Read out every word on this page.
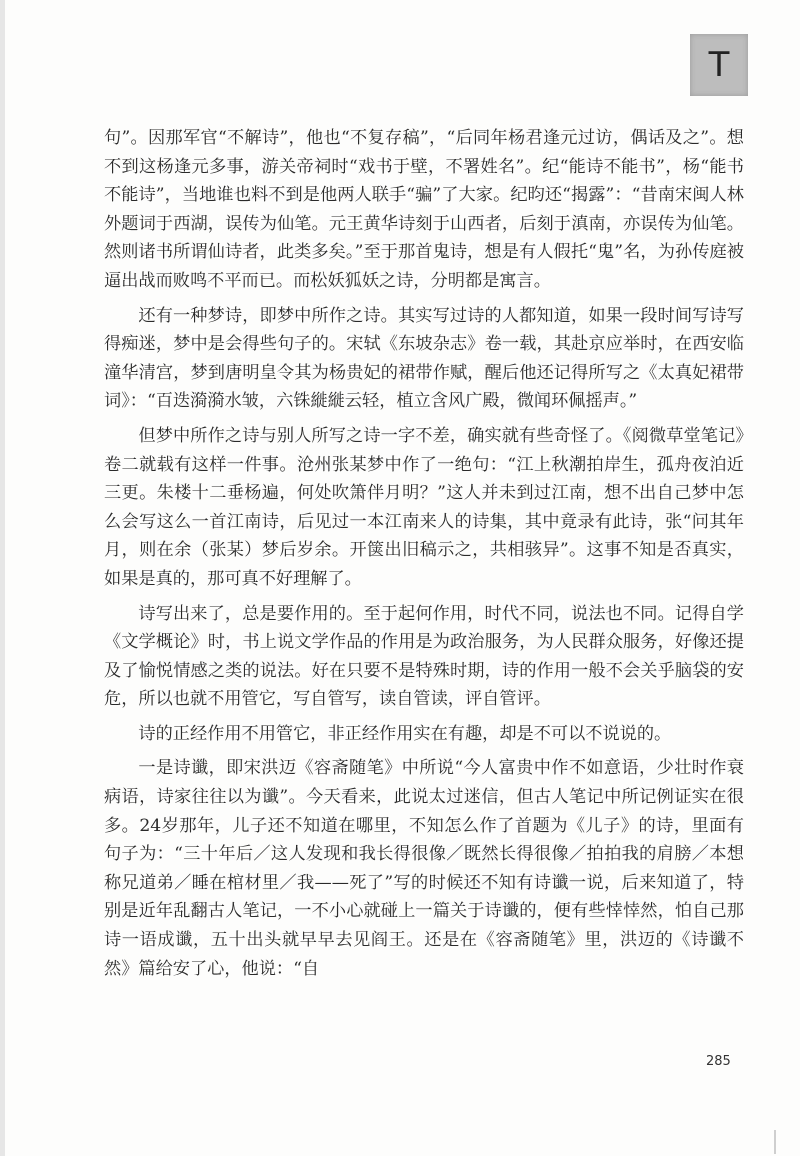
T

句”。因那军官“不解诗”，他也“不复存稿”，“后同年杨君逢元过访，偶话及之”。想不到这杨逢元多事，游关帝祠时“戏书于壁，不署姓名”。纪“能诗不能书”，杨“能书不能诗”，当地谁也料不到是他两人联手“骗”了大家。纪昀还“揭露”：“昔南宋闽人林外题词于西湖，误传为仙笔。元王黄华诗刻于山西者，后刻于滇南，亦误传为仙笔。然则诸书所谓仙诗者，此类多矣。”至于那首鬼诗，想是有人假托“鬼”名，为孙传庭被逼出战而败鸣不平而已。而松妖狐妖之诗，分明都是寓言。

还有一种梦诗，即梦中所作之诗。其实写过诗的人都知道，如果一段时间写诗写得痴迷，梦中是会得些句子的。宋轼《东坡杂志》卷一载，其赴京应举时，在西安临潼华清宫，梦到唐明皇令其为杨贵妃的裙带作赋，醒后他还记得所写之《太真妃裙带词》：“百迭漪漪水皱，六铢縰縰云轻，植立含风广殿，微闻环佩摇声。”

但梦中所作之诗与别人所写之诗一字不差，确实就有些奇怪了。《阅微草堂笔记》卷二就载有这样一件事。沧州张某梦中作了一绝句：“江上秋潮拍岸生，孤舟夜泊近三更。朱楼十二垂杨遍，何处吹箫伴月明？”这人并未到过江南，想不出自己梦中怎么会写这么一首江南诗，后见过一本江南来人的诗集，其中竟录有此诗，张“问其年月，则在余（张某）梦后岁余。开箧出旧稿示之，共相骇异”。这事不知是否真实，如果是真的，那可真不好理解了。

诗写出来了，总是要作用的。至于起何作用，时代不同，说法也不同。记得自学《文学概论》时，书上说文学作品的作用是为政治服务，为人民群众服务，好像还提及了愉悦情感之类的说法。好在只要不是特殊时期，诗的作用一般不会关乎脑袋的安危，所以也就不用管它，写自管写，读自管读，评自管评。

诗的正经作用不用管它，非正经作用实在有趣，却是不可以不说说的。

一是诗谶，即宋洪迈《容斋随笔》中所说“今人富贵中作不如意语，少壮时作衰病语，诗家往往以为谶”。今天看来，此说太过迷信，但古人笔记中所记例证实在很多。24岁那年，儿子还不知道在哪里，不知怎么作了首题为《儿子》的诗，里面有句子为：“三十年后／这人发现和我长得很像／既然长得很像／拍拍我的肩膀／本想称兄道弟／睡在棺材里／我——死了”写的时候还不知有诗谶一说，后来知道了，特别是近年乱翻古人笔记，一不小心就碰上一篇关于诗谶的，便有些悻悻然，怕自己那诗一语成谶，五十出头就早早去见阎王。还是在《容斋随笔》里，洪迈的《诗谶不然》篇给安了心，他说：“自

285
